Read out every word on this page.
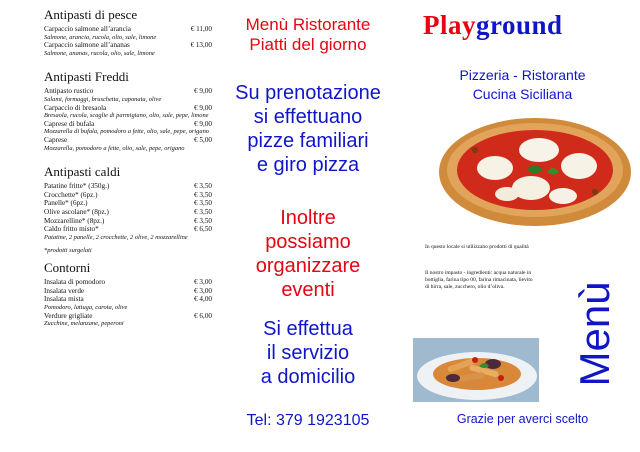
Antipasti di pesce
Carpaccio salmone all’arancia	€ 11,00
Salmone, arancia, rucola, olio, sale, limone
Carpaccio salmone all’ananas	€ 13,00
Salmone, ananas, rucola, olio, sale, limone
Antipasti Freddi
Antipasto rustico	€ 9,00
Salami, formaggi, bruschetta, caponata, olive
Carpaccio di bresaola	€ 9,00
Bresaola, rucola, scaglie di parmigiano, olio, sale, pepe, limone
Caprese di bufala	€ 9,00
Mozzarella di bufala, pomodoro a fette, olio, sale, pepe, origano
Caprese	€ 5,00
Mozzarella, pomodoro a fette, olio, sale, pepe, origano
Antipasti caldi
Patatine fritte* (350g.)	€ 3,50
Crocchette* (6pz.)	€ 3,50
Panelle* (6pz.)	€ 3,50
Olive ascolane* (8pz.)	€ 3,50
Mozzarelline* (8pz.)	€ 3,50
Caldo fritto misto*	€ 6,50
Patatine, 2 panelle, 2 crocchette, 2 olive, 2 mozzarelline
*prodotti surgelati
Contorni
Insalata di pomodoro	€ 3,00
Insalata verde	€ 3,00
Insalata mista	€ 4,00
Pomodoro, lattuga, carota, olive
Verdure grigliate	€ 6,00
Zucchine, melanzane, peperoni
Menù Ristorante
Piatti del giorno
Su prenotazione
si effettuano
pizze familiari
e giro pizza
Inoltre
possiamo
organizzare
eventi
Si effettua
il servizio
a domicilio
Tel: 379 1923105
Playground
Pizzeria - Ristorante
Cucina Siciliana
In questo locale si utilizzano prodotti di qualità
Il nostro impasto - ingredienti: acqua naturale in bottiglia, farina tipo 00, farina rimacinata, lievito di birra, sale, zucchero, olio d’oliva.	Menù
Grazie per averci scelto
